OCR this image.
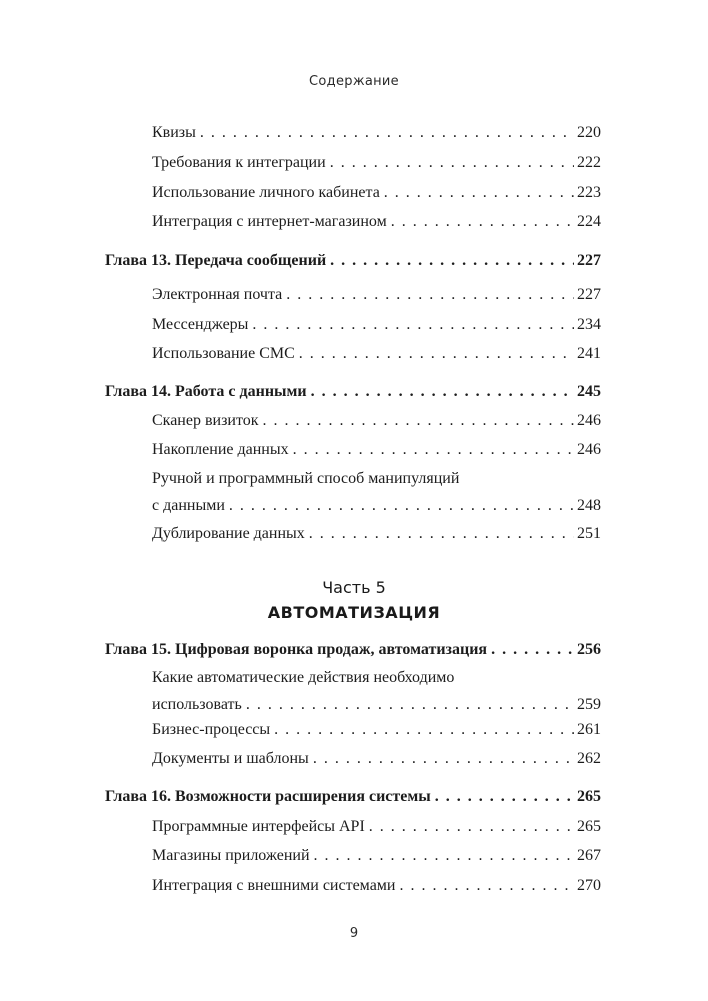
Содержание
Квизы . . .	220
Требования к интеграции . . .	222
Использование личного кабинета . . .	223
Интеграция с интернет-магазином . . .	224
Глава 13. Передача сообщений . . .	227
Электронная почта . . .	227
Мессенджеры . . .	234
Использование СМС . . .	241
Глава 14. Работа с данными . . .	245
Сканер визиток . . .	246
Накопление данных . . .	246
Ручной и программный способ манипуляций
с данными . . .	248
Дублирование данных . . .	251
Часть 5
АВТОМАТИЗАЦИЯ
Глава 15. Цифровая воронка продаж, автоматизация . . .	256
Какие автоматические действия необходимо
использовать . . .	259
Бизнес-процессы . . .	261
Документы и шаблоны . . .	262
Глава 16. Возможности расширения системы . . .	265
Программные интерфейсы API . . .	265
Магазины приложений . . .	267
Интеграция с внешними системами . . .	270
9
